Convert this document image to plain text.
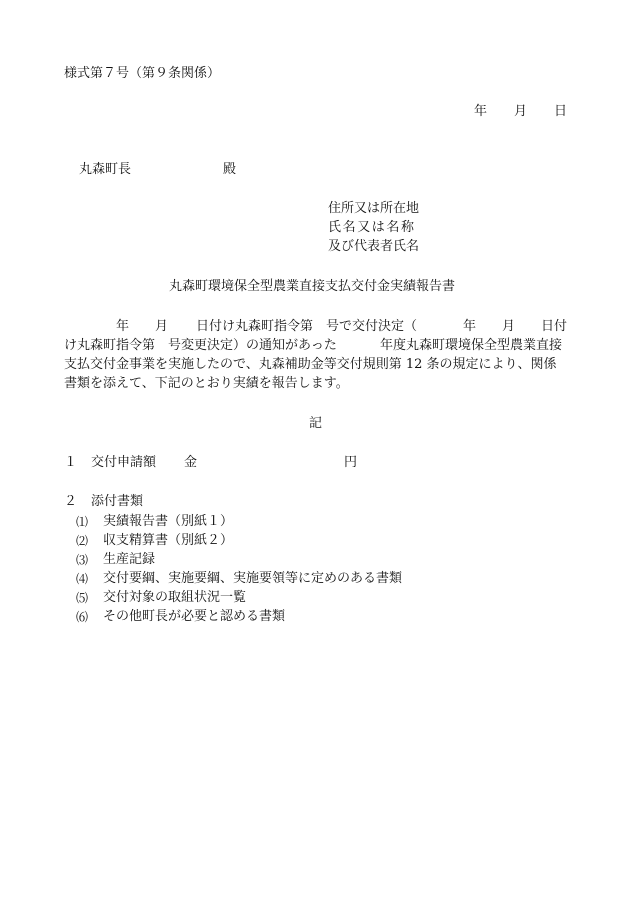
様式第７号（第９条関係）
年 月 日
丸森町長	殿
住所又は所在地
氏名又は名称
及び代表者氏名
丸森町環境保全型農業直接支払交付金実績報告書
年 月 日付け丸森町指令第　号で交付決定（	年 月 日付
け丸森町指令第　号変更決定）の通知があった	年度丸森町環境保全型農業直接
支払交付金事業を実施したので、丸森補助金等交付規則第 12 条の規定により、関係
書類を添えて、下記のとおり実績を報告します。
記
１ 交付申請額 金	円
２ 添付書類
⑴ 実績報告書（別紙１）
⑵ 収支精算書（別紙２）
⑶ 生産記録
⑷ 交付要綱、実施要綱、実施要領等に定めのある書類
⑸ 交付対象の取組状況一覧
⑹ その他町長が必要と認める書類
